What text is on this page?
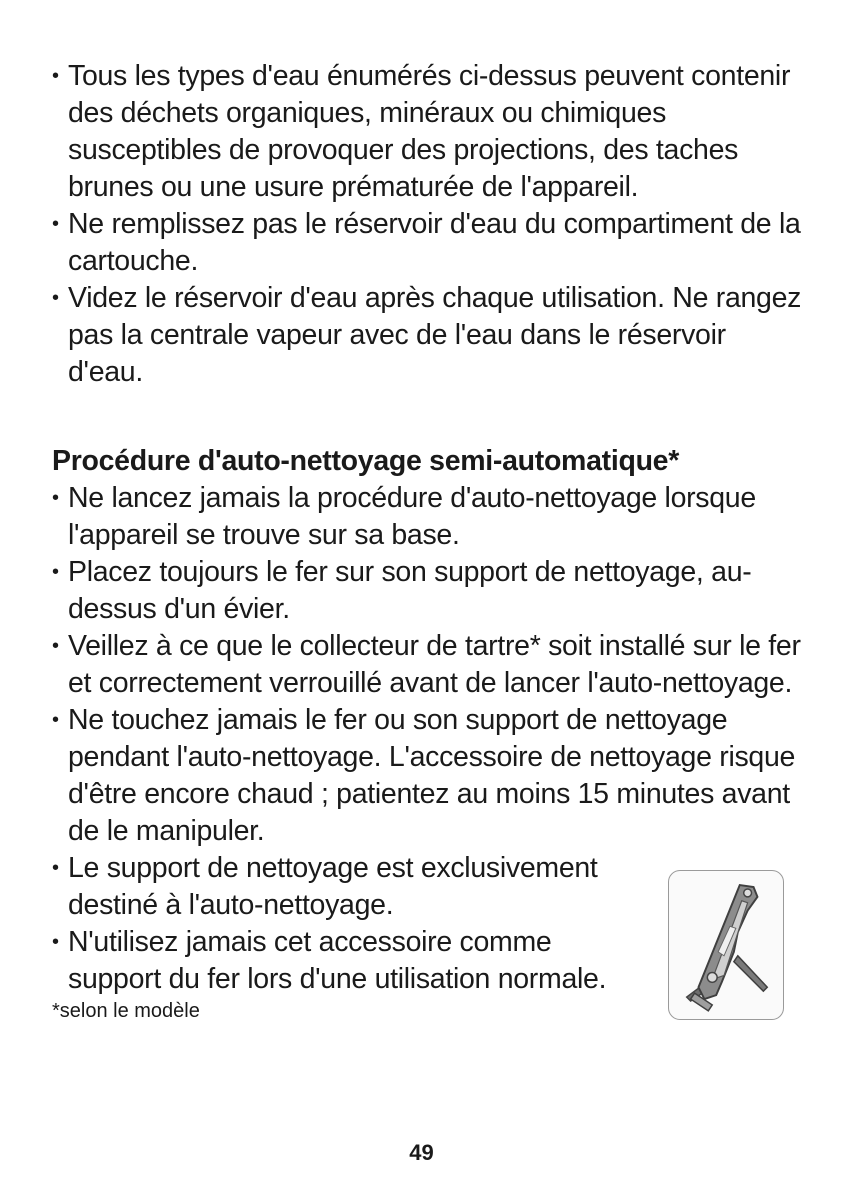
• Tous les types d'eau énumérés ci-dessus peuvent contenir des déchets organiques, minéraux ou chimiques susceptibles de provoquer des projections, des taches brunes ou une usure prématurée de l'appareil.
• Ne remplissez pas le réservoir d'eau du compartiment de la cartouche.
• Videz le réservoir d'eau après chaque utilisation. Ne rangez pas la centrale vapeur avec de l'eau dans le réservoir d'eau.
Procédure d'auto-nettoyage semi-automatique*
• Ne lancez jamais la procédure d'auto-nettoyage lorsque l'appareil se trouve sur sa base.
• Placez toujours le fer sur son support de nettoyage, au-dessus d'un évier.
• Veillez à ce que le collecteur de tartre* soit installé sur le fer et correctement verrouillé avant de lancer l'auto-nettoyage.
• Ne touchez jamais le fer ou son support de nettoyage pendant l'auto-nettoyage. L'accessoire de nettoyage risque d'être encore chaud ; patientez au moins 15 minutes avant de le manipuler.
• Le support de nettoyage est exclusivement destiné à l'auto-nettoyage.
• N'utilisez jamais cet accessoire comme support du fer lors d'une utilisation normale.
*selon le modèle
49
